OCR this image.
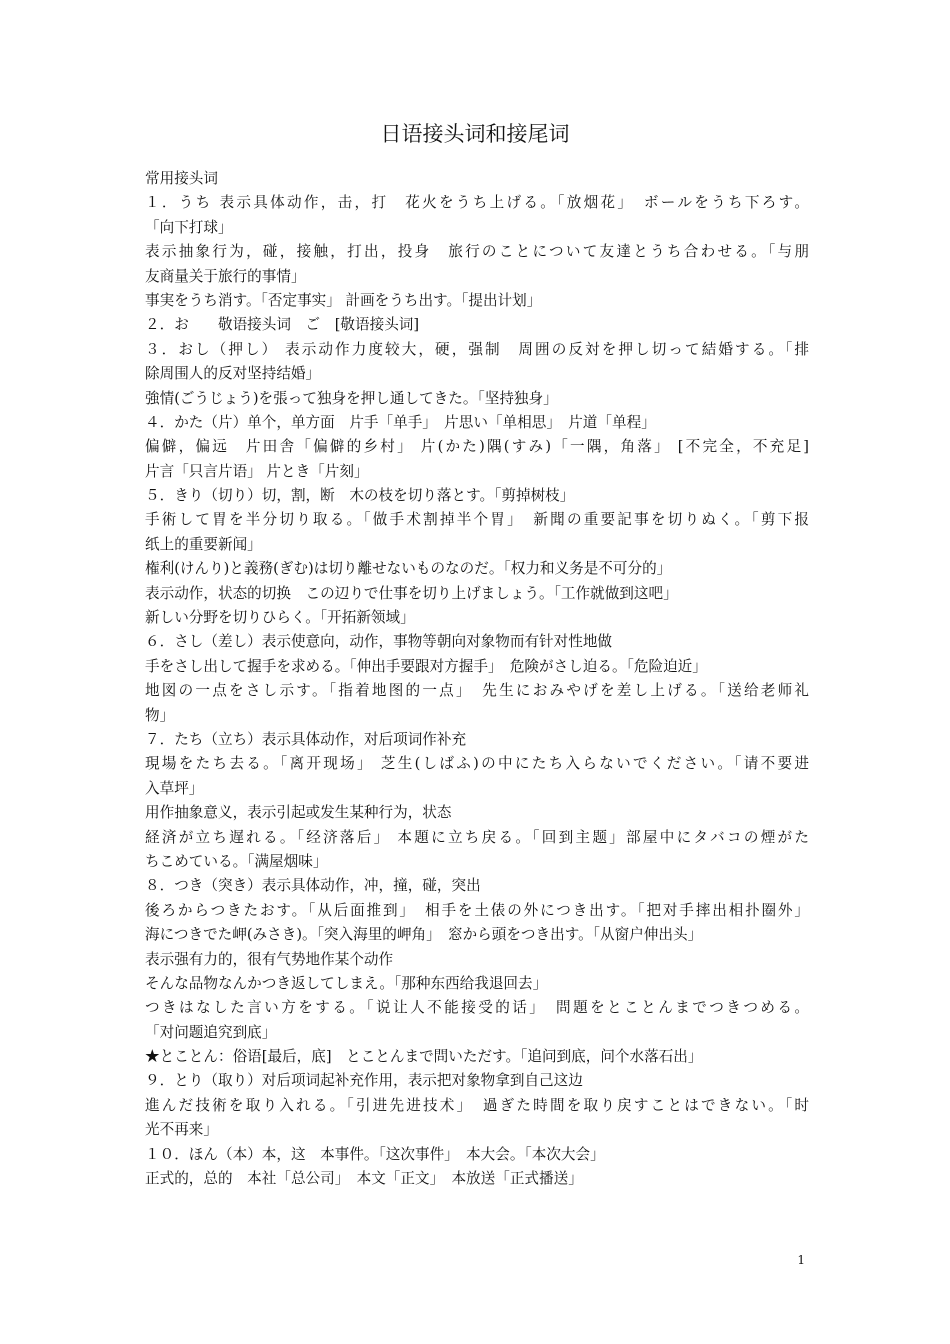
日语接头词和接尾词
常用接头词
１．うち 表示具体动作，击，打　花火をうち上げる。「放烟花」　ボールをうち下ろす。
「向下打球」
表示抽象行为，碰，接触，打出，投身　旅行のことについて友達とうち合わせる。「与朋
友商量关于旅行的事情」
事実をうち消す。「否定事实」 計画をうち出す。「提出计划」
２．お　　敬语接头词　ご　[敬语接头词]
３．おし（押し） 表示动作力度较大，硬，强制　周囲の反対を押し切って結婚する。「排
除周围人的反对坚持结婚」
強情(ごうじょう)を張って独身を押し通してきた。「坚持独身」
４．かた（片）单个，单方面　片手「单手」　片思い「单相思」　片道「单程」
偏僻，偏远　片田舎「偏僻的乡村」 片(かた)隅(すみ)「一隅，角落」 [不完全，不充足]
片言「只言片语」 片とき「片刻」
５．きり（切り）切，割，断　木の枝を切り落とす。「剪掉树枝」
手術して胃を半分切り取る。「做手术割掉半个胃」　新聞の重要記事を切りぬく。「剪下报
纸上的重要新闻」
権利(けんり)と義務(ぎむ)は切り離せないものなのだ。「权力和义务是不可分的」
表示动作，状态的切换　この辺りで仕事を切り上げましょう。「工作就做到这吧」
新しい分野を切りひらく。「开拓新领域」
６．さし（差し）表示使意向，动作，事物等朝向对象物而有针对性地做
手をさし出して握手を求める。「伸出手要跟对方握手」　危険がさし迫る。「危险迫近」
地図の一点をさし示す。「指着地图的一点」　先生におみやげを差し上げる。「送给老师礼
物」
７．たち（立ち）表示具体动作，对后项词作补充
現場をたち去る。「离开现场」 芝生(しばふ)の中にたち入らないでください。「请不要进
入草坪」
用作抽象意义，表示引起或发生某种行为，状态
経済が立ち遅れる。「经济落后」 本題に立ち戻る。「回到主题」部屋中にタバコの煙がた
ちこめている。「满屋烟味」
８．つき（突き）表示具体动作，冲，撞，碰，突出
後ろからつきたおす。「从后面推到」　相手を土俵の外につき出す。「把对手摔出相扑圈外」
海につきでた岬(みさき)。「突入海里的岬角」　窓から頭をつき出す。「从窗户伸出头」
表示强有力的，很有气势地作某个动作
そんな品物なんかつき返してしまえ。「那种东西给我退回去」
つきはなした言い方をする。「说让人不能接受的话」　問題をとことんまでつきつめる。
「对问题追究到底」
★とことん：俗语[最后，底]　とことんまで問いただす。「追问到底，问个水落石出」
９．とり（取り）对后项词起补充作用，表示把对象物拿到自己这边
進んだ技術を取り入れる。「引进先进技术」　過ぎた時間を取り戻すことはできない。「时
光不再来」
１０．ほん（本）本，这　本事件。「这次事件」　本大会。「本次大会」
正式的，总的　本社「总公司」　本文「正文」　本放送「正式播送」
1
